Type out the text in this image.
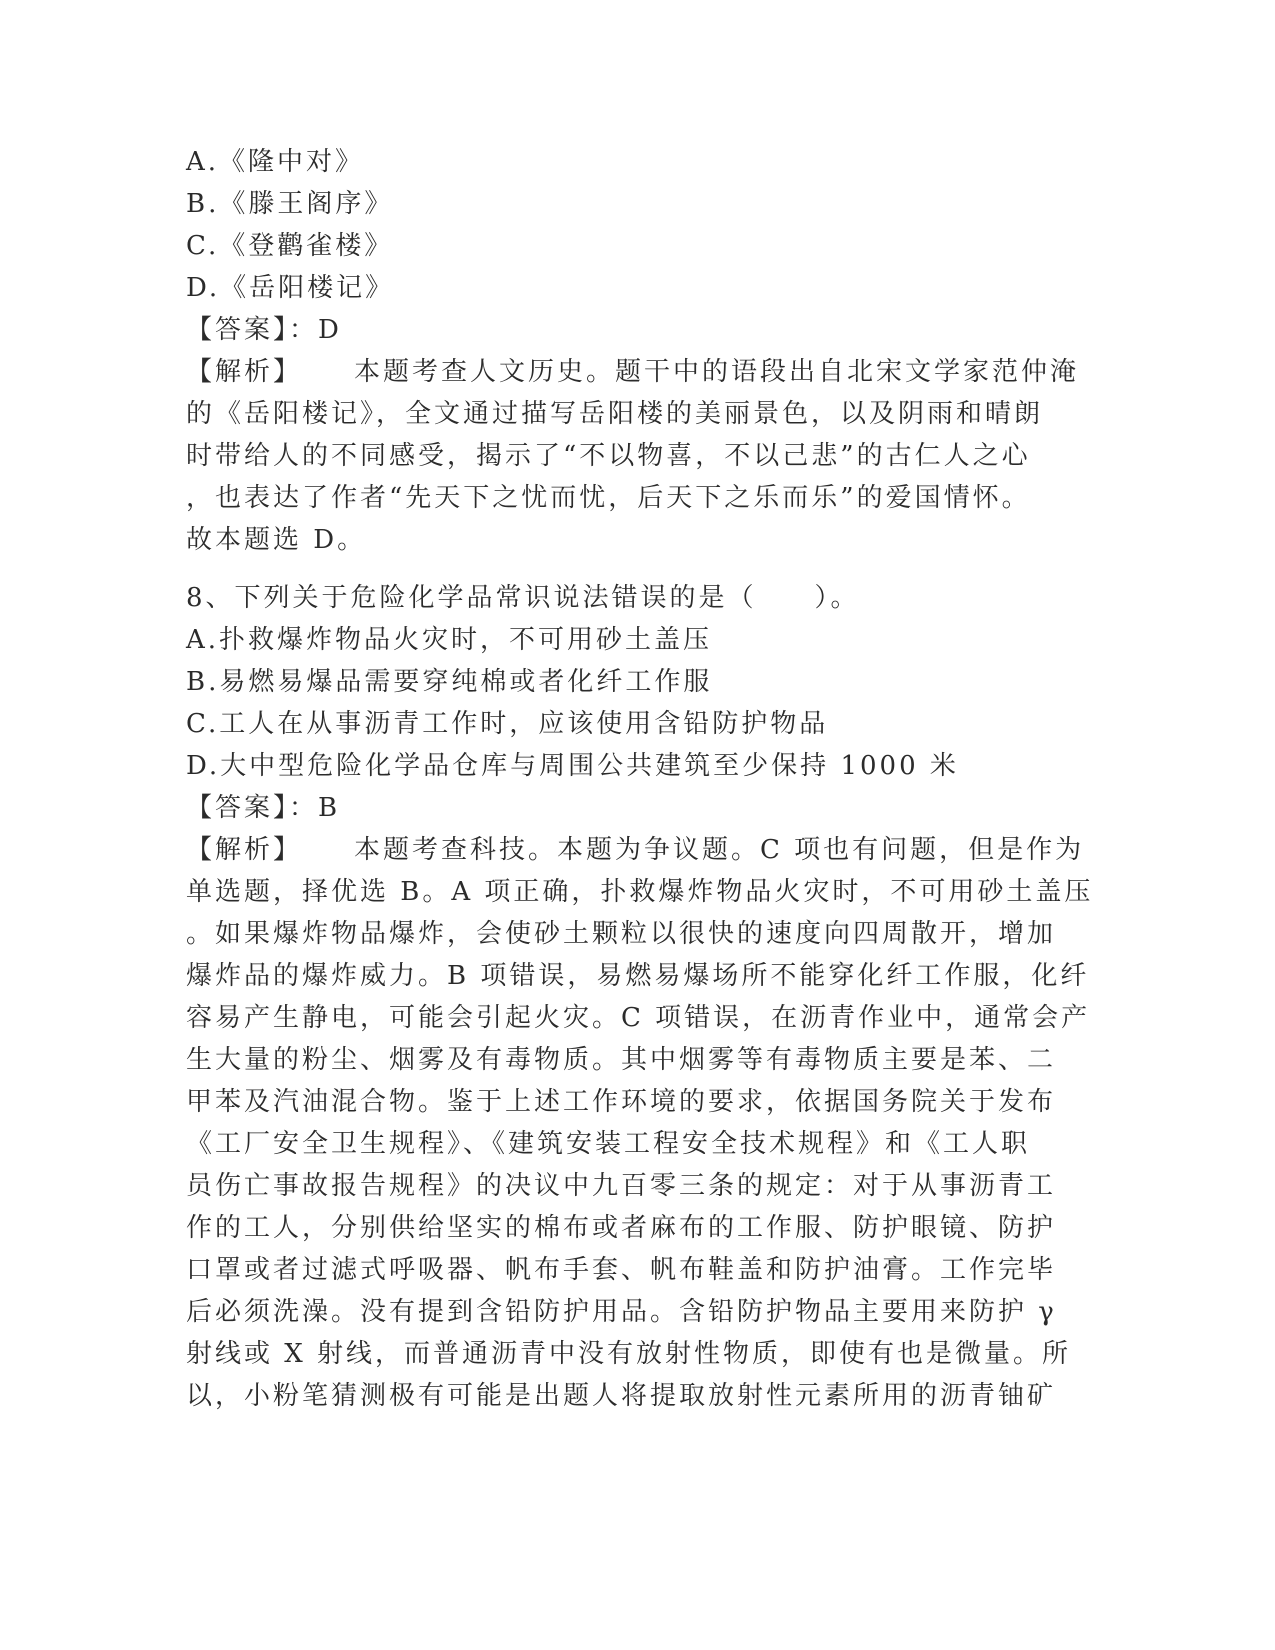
A.《隆中对》
B.《滕王阁序》
C.《登鹳雀楼》
D.《岳阳楼记》
【答案】：D
【解析】 本题考查人文历史。题干中的语段出自北宋文学家范仲淹
的《岳阳楼记》，全文通过描写岳阳楼的美丽景色，以及阴雨和晴朗
时带给人的不同感受，揭示了“不以物喜，不以己悲”的古仁人之心
，也表达了作者“先天下之忧而忧，后天下之乐而乐”的爱国情怀。
故本题选 D。
8、下列关于危险化学品常识说法错误的是（　　）。
A.扑救爆炸物品火灾时，不可用砂土盖压
B.易燃易爆品需要穿纯棉或者化纤工作服
C.工人在从事沥青工作时，应该使用含铅防护物品
D.大中型危险化学品仓库与周围公共建筑至少保持 1000 米
【答案】：B
【解析】 本题考查科技。本题为争议题。C 项也有问题，但是作为
单选题，择优选 B。A 项正确，扑救爆炸物品火灾时，不可用砂土盖压
。如果爆炸物品爆炸，会使砂土颗粒以很快的速度向四周散开，增加
爆炸品的爆炸威力。B 项错误，易燃易爆场所不能穿化纤工作服，化纤
容易产生静电，可能会引起火灾。C 项错误，在沥青作业中，通常会产
生大量的粉尘、烟雾及有毒物质。其中烟雾等有毒物质主要是苯、二
甲苯及汽油混合物。鉴于上述工作环境的要求，依据国务院关于发布
《工厂安全卫生规程》、《建筑安装工程安全技术规程》和《工人职
员伤亡事故报告规程》的决议中九百零三条的规定：对于从事沥青工
作的工人，分别供给坚实的棉布或者麻布的工作服、防护眼镜、防护
口罩或者过滤式呼吸器、帆布手套、帆布鞋盖和防护油膏。工作完毕
后必须洗澡。没有提到含铅防护用品。含铅防护物品主要用来防护 γ
射线或 X 射线，而普通沥青中没有放射性物质，即使有也是微量。所
以，小粉笔猜测极有可能是出题人将提取放射性元素所用的沥青铀矿
